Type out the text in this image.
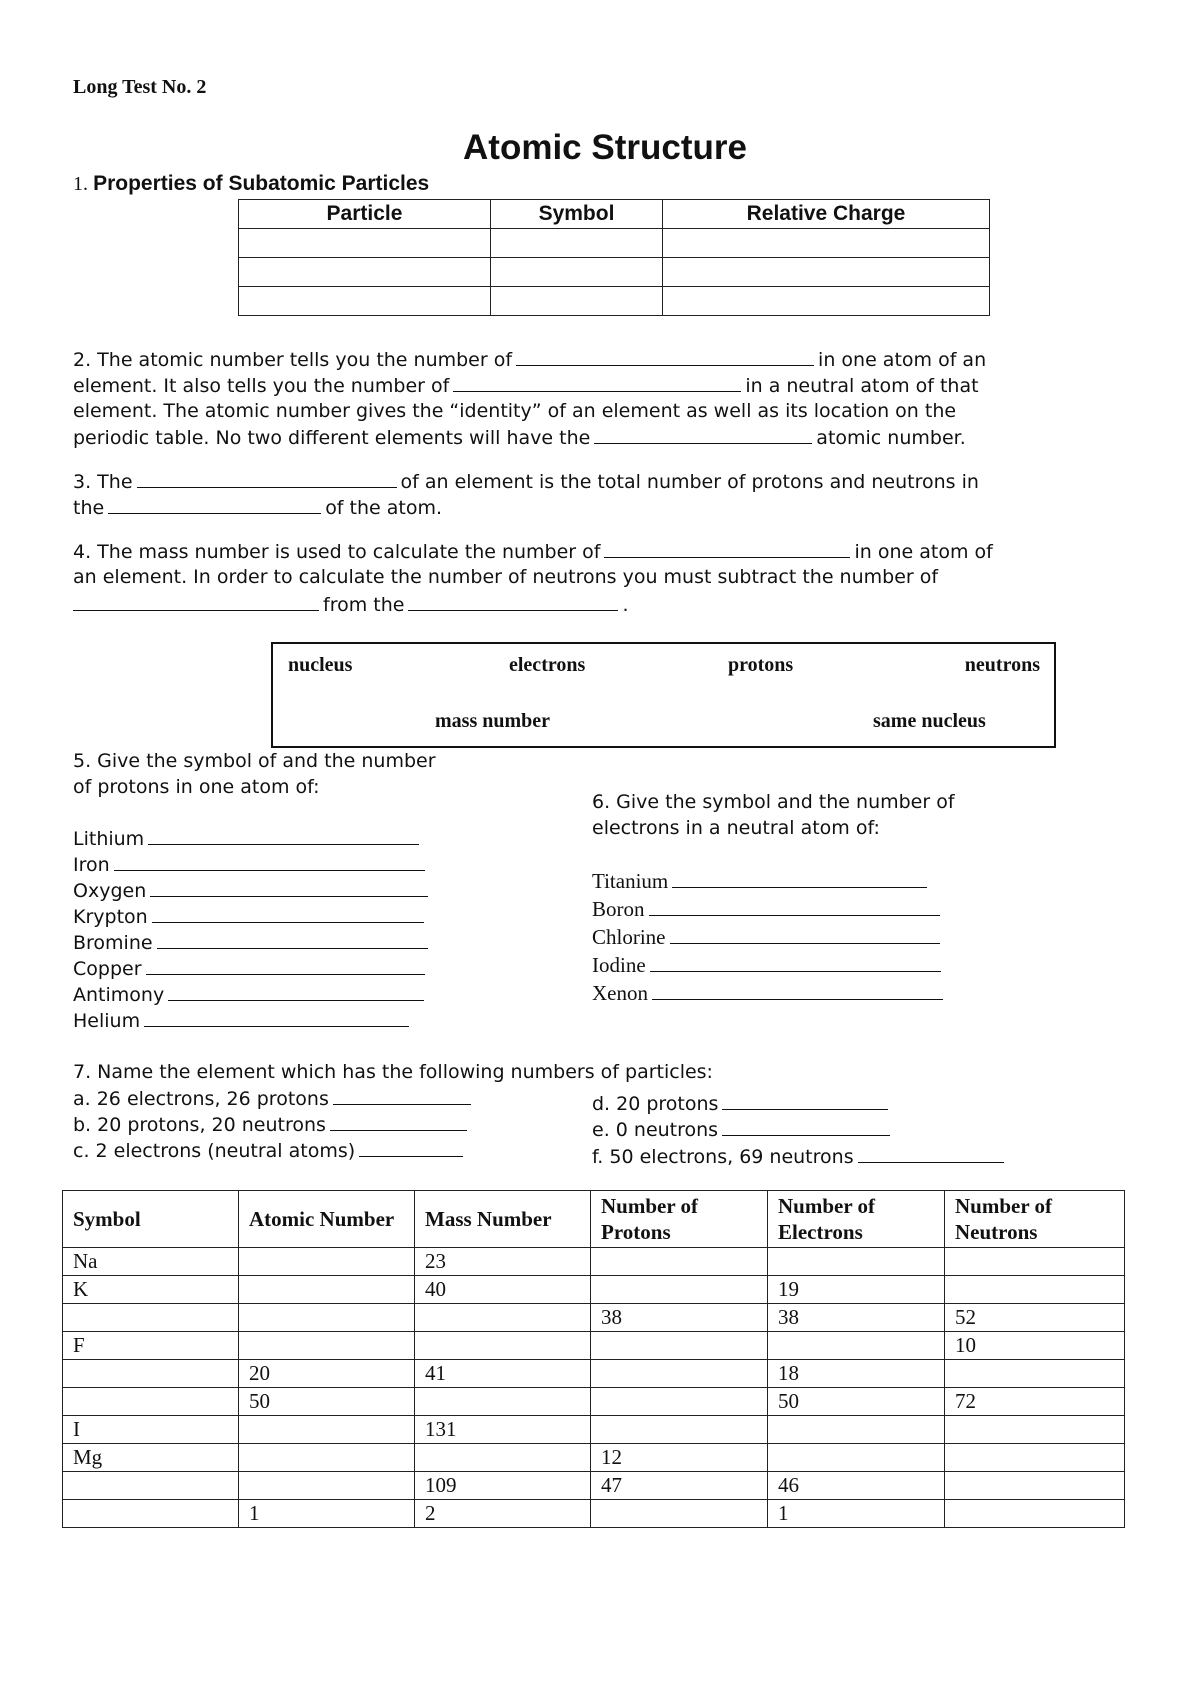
Long Test No. 2
Atomic Structure
1. Properties of Subatomic Particles
Particle	Symbol	Relative Charge

2. The atomic number tells you the number of	in one atom of an
element. It also tells you the number of	in a neutral atom of that
element. The atomic number gives the “identity” of an element as well as its location on the
periodic table. No two different elements will have the	atomic number.
3. The	of an element is the total number of protons and neutrons in
the	of the atom.
4. The mass number is used to calculate the number of	in one atom of
an element. In order to calculate the number of neutrons you must subtract the number of
from the	.
nucleus	electrons	protons	neutrons
mass number	same nucleus
5. Give the symbol of and the number
of protons in one atom of:
Lithium
Iron
Oxygen
Krypton
Bromine
Copper
Antimony
Helium
6. Give the symbol and the number of
electrons in a neutral atom of:
Titanium
Boron
Chlorine
Iodine
Xenon
7. Name the element which has the following numbers of particles:
a. 26 electrons, 26 protons
b. 20 protons, 20 neutrons
c. 2 electrons (neutral atoms)
d. 20 protons
e. 0 neutrons
f. 50 electrons, 69 neutrons
Symbol	Atomic Number	Mass Number	Number of Protons	Number of Electrons	Number of Neutrons
Na		23			
K		40		19	
			38	38	52
F					10
	20	41		18	
	50			50	72
I		131			
Mg			12		
		109	47	46	
	1	2		1	
